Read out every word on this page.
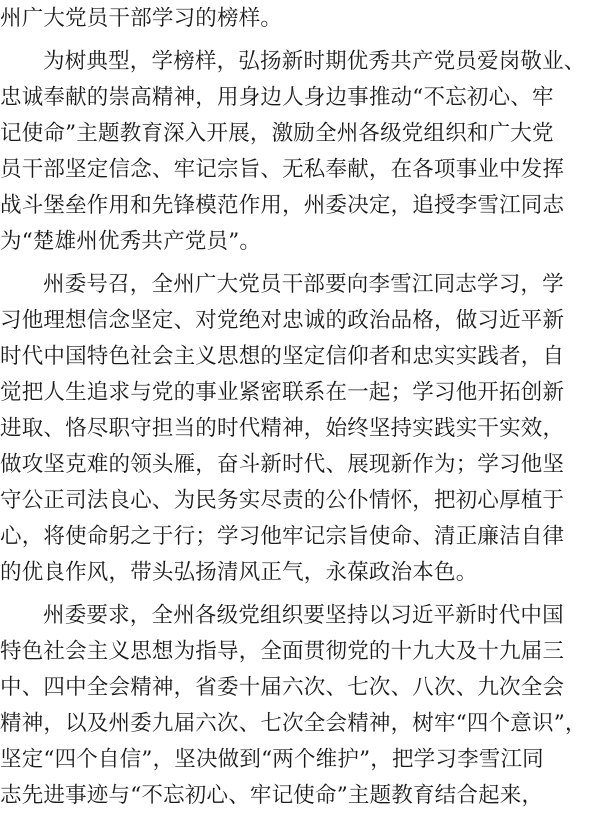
州广大党员干部学习的榜样。
为树典型，学榜样，弘扬新时期优秀共产党员爱岗敬业、
忠诚奉献的崇高精神，用身边人身边事推动“不忘初心、牢
记使命”主题教育深入开展，激励全州各级党组织和广大党
员干部坚定信念、牢记宗旨、无私奉献，在各项事业中发挥
战斗堡垒作用和先锋模范作用，州委决定，追授李雪江同志
为“楚雄州优秀共产党员”。
州委号召，全州广大党员干部要向李雪江同志学习，学
习他理想信念坚定、对党绝对忠诚的政治品格，做习近平新
时代中国特色社会主义思想的坚定信仰者和忠实实践者，自
觉把人生追求与党的事业紧密联系在一起；学习他开拓创新
进取、恪尽职守担当的时代精神，始终坚持实践实干实效，
做攻坚克难的领头雁，奋斗新时代、展现新作为；学习他坚
守公正司法良心、为民务实尽责的公仆情怀，把初心厚植于
心，将使命躬之于行；学习他牢记宗旨使命、清正廉洁自律
的优良作风，带头弘扬清风正气，永葆政治本色。
州委要求，全州各级党组织要坚持以习近平新时代中国
特色社会主义思想为指导，全面贯彻党的十九大及十九届三
中、四中全会精神，省委十届六次、七次、八次、九次全会
精神，以及州委九届六次、七次全会精神，树牢“四个意识”，
坚定“四个自信”，坚决做到“两个维护”，把学习李雪江同
志先进事迹与“不忘初心、牢记使命”主题教育结合起来，
